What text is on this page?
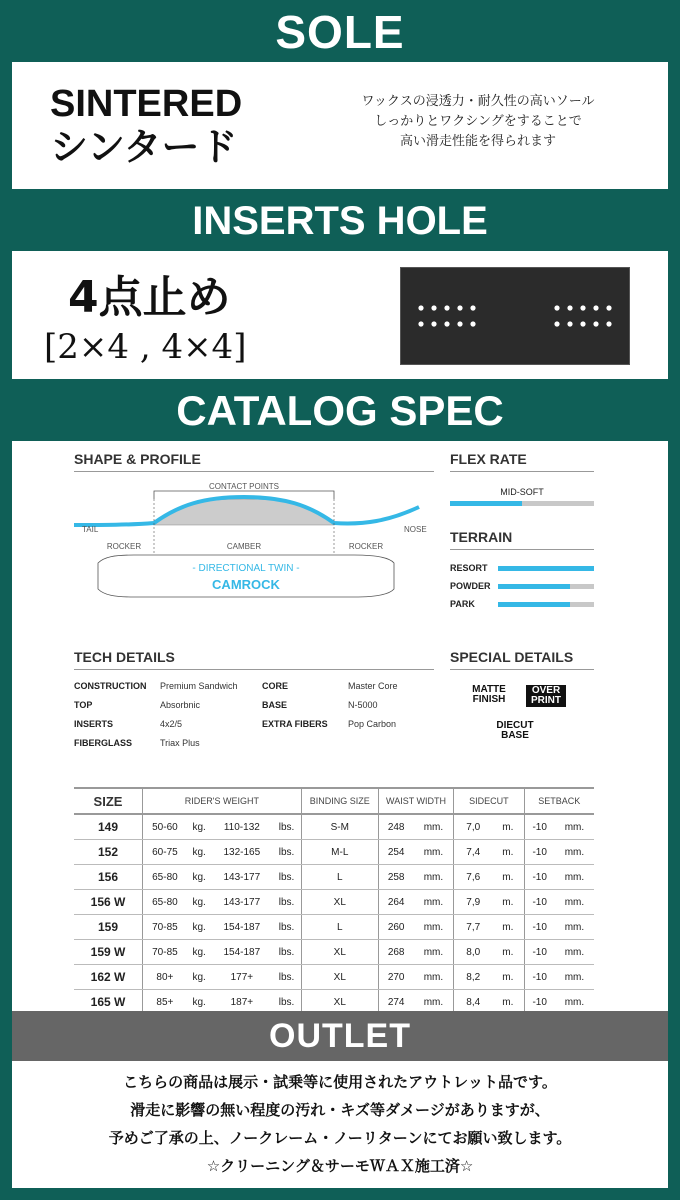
SOLE
SINTERED
シンタード
ワックスの浸透力・耐久性の高いソール
しっかりとワクシングをすることで
高い滑走性能を得られます
INSERTS HOLE
4点止め
[2×4 , 4×4]
CATALOG SPEC
SHAPE & PROFILE
CONTACT POINTS
TAIL	NOSE
ROCKER	CAMBER	ROCKER
- DIRECTIONAL TWIN -
CAMROCK
FLEX RATE
MID-SOFT
TERRAIN
RESORT
POWDER
PARK
TECH DETAILS
CONSTRUCTION Premium Sandwich
TOP	Absorbnic
INSERTS	4x2/5
FIBERGLASS	Triax Plus
CORE	Master Core
BASE	N-5000
EXTRA FIBERS Pop Carbon
SPECIAL DETAILS
MATTE
FINISH
OVER
PRINT
DIECUT
BASE
SIZE	RIDER'S WEIGHT				BINDING SIZE	WAIST WIDTH		SIDECUT		SETBACK	
149	50-60	kg.	110-132	lbs.	S-M	248	mm.	7,0	m.	-10	mm.
152	60-75	kg.	132-165	lbs.	M-L	254	mm.	7,4	m.	-10	mm.
156	65-80	kg.	143-177	lbs.	L	258	mm.	7,6	m.	-10	mm.
156 W	65-80	kg.	143-177	lbs.	XL	264	mm.	7,9	m.	-10	mm.
159	70-85	kg.	154-187	lbs.	L	260	mm.	7,7	m.	-10	mm.
159 W	70-85	kg.	154-187	lbs.	XL	268	mm.	8,0	m.	-10	mm.
162 W	80+	kg.	177+	lbs.	XL	270	mm.	8,2	m.	-10	mm.
165 W	85+	kg.	187+	lbs.	XL	274	mm.	8,4	m.	-10	mm.
OUTLET
こちらの商品は展示・試乗等に使用されたアウトレット品です。
滑走に影響の無い程度の汚れ・キズ等ダメージがありますが、
予めご了承の上、ノークレーム・ノーリターンにてお願い致します。
☆クリーニング＆サーモＷＡＸ施工済☆
